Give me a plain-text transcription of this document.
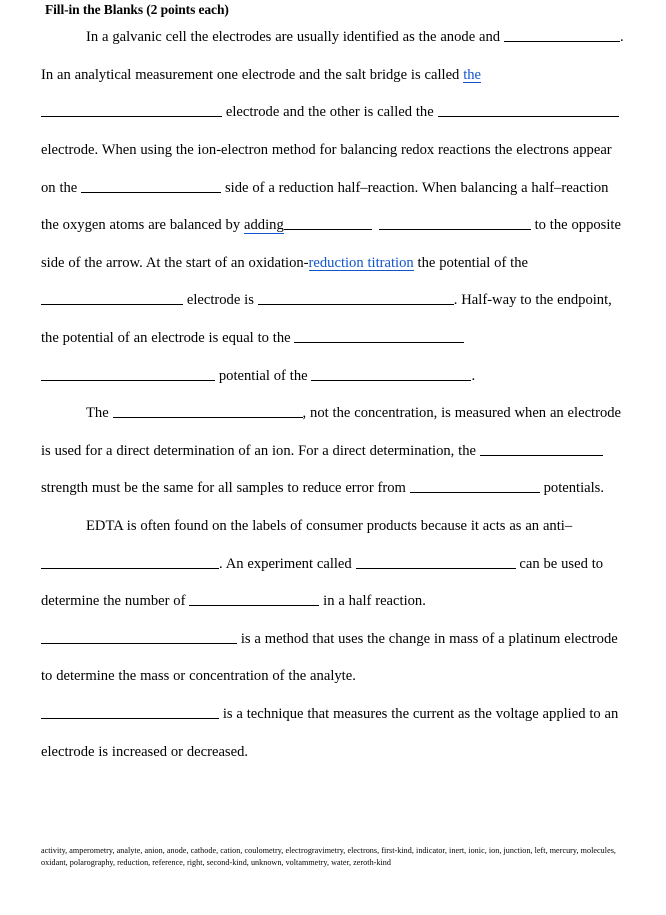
Fill-in the Blanks (2 points each)

In a galvanic cell the electrodes are usually identified as the anode and	. In an analytical measurement one electrode and the salt bridge is called the electrode and the other is called the  electrode. When using the ion-electron method for balancing redox reactions the electrons appear on the	side of a reduction half–reaction. When balancing a half–reaction the oxygen atoms are balanced by adding	to the opposite side of the arrow. At the start of an oxidation-reduction titration the potential of the  electrode is	. Half-way to the endpoint, the potential of an electrode is equal to the  potential of the	.

The	, not the concentration, is measured when an electrode is used for a direct determination of an ion. For a direct determination, the  strength must be the same for all samples to reduce error from	potentials.

EDTA is often found on the labels of consumer products because it acts as an anti– . An experiment called	can be used to determine the number of	in a half reaction.  is a method that uses the change in mass of a platinum electrode to determine the mass or concentration of the analyte.

is a technique that measures the current as the voltage applied to an electrode is increased or decreased.

activity, amperometry, analyte, anion, anode, cathode, cation, coulometry, electrogravimetry, electrons, first-kind, indicator, inert, ionic, ion, junction, left, mercury, molecules, oxidant, polarography, reduction, reference, right, second-kind, unknown, voltammetry, water, zeroth-kind
